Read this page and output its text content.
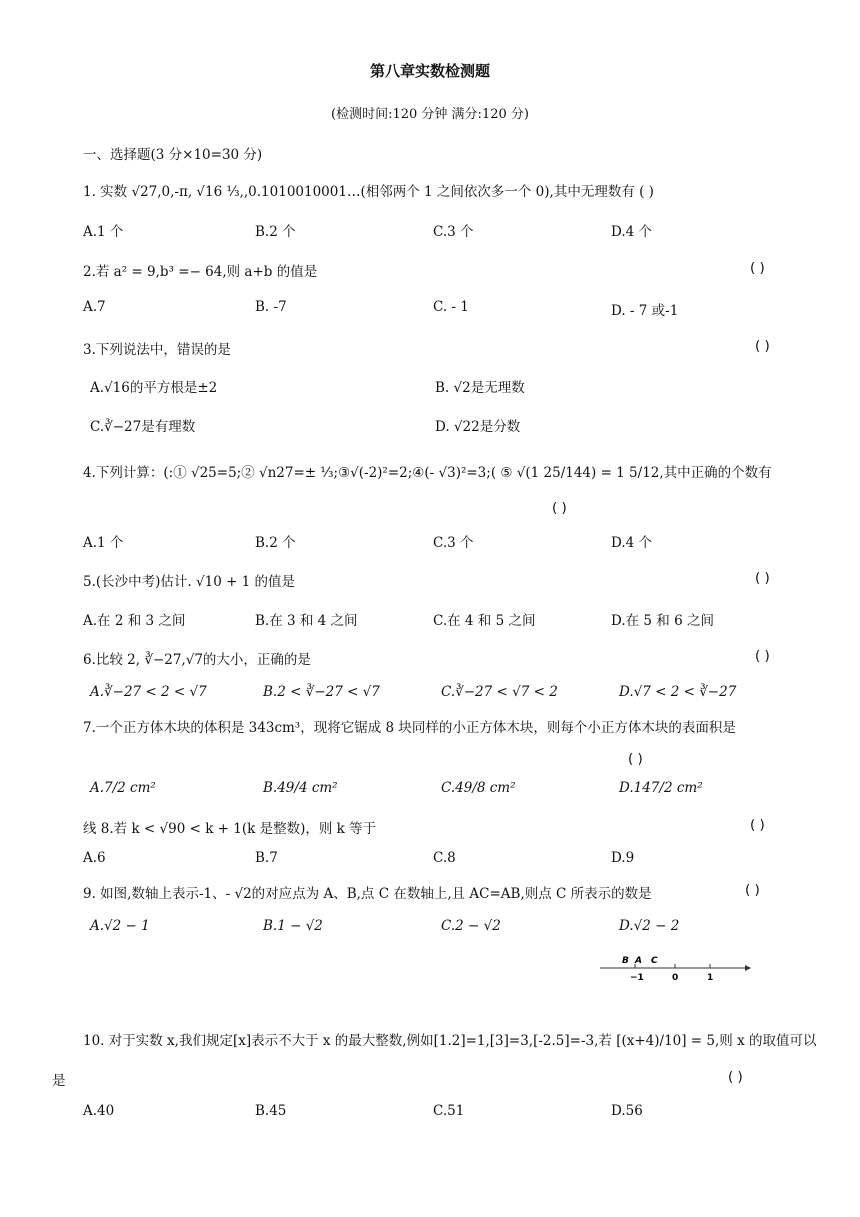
第八章实数检测题
(检测时间:120 分钟 满分:120 分)
一、选择题(3 分×10=30 分)
1. 实数 √27,0,-π, √16 ⅓,,0.1010010001…(相邻两个 1 之间依次多一个 0),其中无理数有 ( )
A.1 个	B.2 个	C.3 个	D.4 个
2.若 a² = 9,b³ =− 64,则 a+b 的值是	( )
A.7	B. -7	C. - 1	D. - 7 或-1
3.下列说法中，错误的是	( )
A.√16的平方根是±2	B. √2是无理数
C.∛−27是有理数	D. √22是分数
4.下列计算：(:① √25=5;② √n27=± ⅓;③√(-2)²=2;④(- √3)²=3;( ⑤ √(1 25/144) = 1 5/12,其中正确的个数有
( )
A.1 个	B.2 个	C.3 个	D.4 个
5.(长沙中考)估计. √10 + 1 的值是	( )
A.在 2 和 3 之间	B.在 3 和 4 之间	C.在 4 和 5 之间	D.在 5 和 6 之间
6.比较 2, ∛−27,√7的大小，正确的是	( )
A.∛−27 < 2 < √7	B.2 < ∛−27 < √7	C.∛−27 < √7 < 2	D.√7 < 2 < ∛−27
7.一个正方体木块的体积是 343cm³，现将它锯成 8 块同样的小正方体木块，则每个小正方体木块的表面积是
( )
A.7/2 cm²	B.49/4 cm²	C.49/8 cm²	D.147/2 cm²
线 8.若 k < √90 < k + 1(k 是整数)，则 k 等于	( )
A.6	B.7	C.8	D.9
9. 如图,数轴上表示-1、- √2的对应点为 A、B,点 C 在数轴上,且 AC=AB,则点 C 所表示的数是	( )
A.√2 − 1	B.1 − √2	C.2 − √2	D.√2 − 2
B A C
−1	0	1
10. 对于实数 x,我们规定[x]表示不大于 x 的最大整数,例如[1.2]=1,[3]=3,[-2.5]=-3,若 [(x+4)/10] = 5,则 x 的取值可以
是	( )
A.40	B.45	C.51	D.56
